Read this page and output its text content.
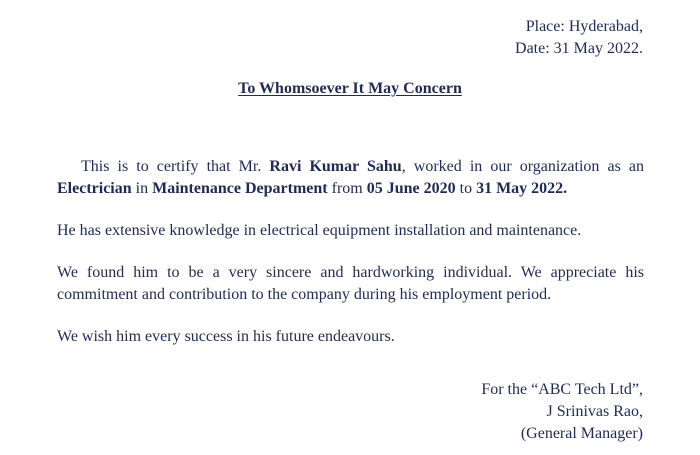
Place: Hyderabad,
Date: 31 May 2022.
To Whomsoever It May Concern

This is to certify that Mr. Ravi Kumar Sahu, worked in our organization as an Electrician in Maintenance Department from 05 June 2020 to 31 May 2022.

He has extensive knowledge in electrical equipment installation and maintenance.

We found him to be a very sincere and hardworking individual. We appreciate his commitment and contribution to the company during his employment period.

We wish him every success in his future endeavours.

For the “ABC Tech Ltd”,
J Srinivas Rao,
(General Manager)
